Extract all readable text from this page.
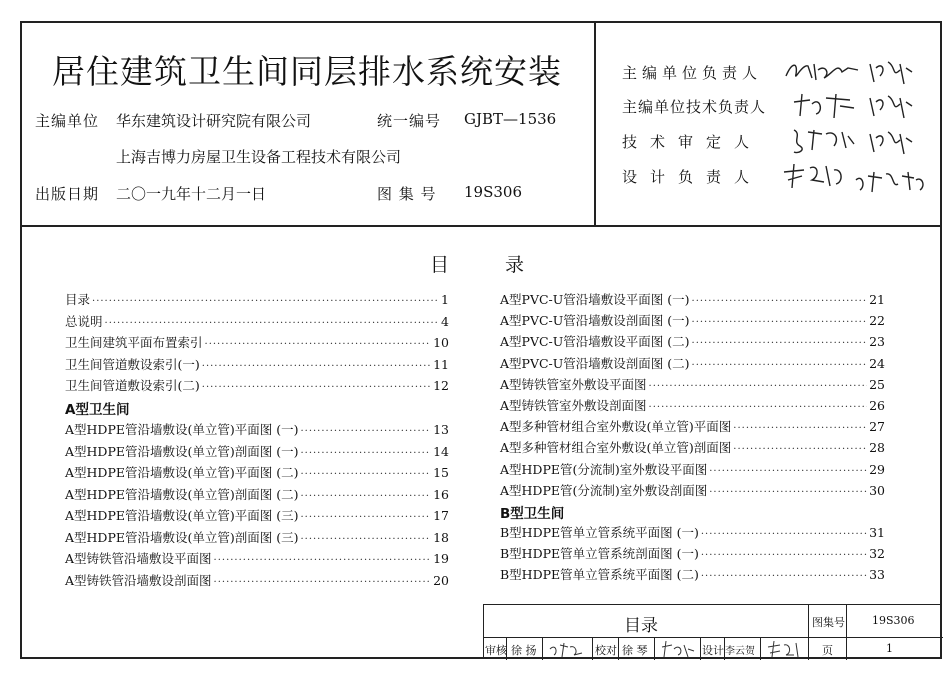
居住建筑卫生间同层排水系统安装
主编单位 华东建筑设计研究院有限公司	统一编号 GJBT—1536
上海吉博力房屋卫生设备工程技术有限公司
出版日期 二〇一九年十二月一日	图 集 号 19S306
主编单位负责人
主编单位技术负责人
技术审定人
设计负责人
目	录
目录 ·····	1
总说明 ·····	4
卫生间建筑平面布置索引 ·····	10
卫生间管道敷设索引(一) ·····	11
卫生间管道敷设索引(二) ·····	12
A型HDPE管沿墙敷设(单立管)平面图 (一) ·····	13
A型HDPE管沿墙敷设(单立管)剖面图 (一) ·····	14
A型HDPE管沿墙敷设(单立管)平面图 (二) ·····	15
A型HDPE管沿墙敷设(单立管)剖面图 (二) ·····	16
A型HDPE管沿墙敷设(单立管)平面图 (三) ·····	17
A型HDPE管沿墙敷设(单立管)剖面图 (三) ·····	18
A型铸铁管沿墙敷设平面图 ·····	19
A型铸铁管沿墙敷设剖面图 ·····	20
A型卫生间
A型PVC-U管沿墙敷设平面图 (一) ·····	21
A型PVC-U管沿墙敷设剖面图 (一) ·····	22
A型PVC-U管沿墙敷设平面图 (二) ·····	23
A型PVC-U管沿墙敷设剖面图 (二) ·····	24
A型铸铁管室外敷设平面图 ·····	25
A型铸铁管室外敷设剖面图 ·····	26
A型多种管材组合室外敷设(单立管)平面图 ·····	27
A型多种管材组合室外敷设(单立管)剖面图 ·····	28
A型HDPE管(分流制)室外敷设平面图 ·····	29
A型HDPE管(分流制)室外敷设剖面图 ·····	30
B型HDPE管单立管系统平面图 (一) ·····	31
B型HDPE管单立管系统剖面图 (一) ·····	32
B型HDPE管单立管系统平面图 (二) ·····	33
B型卫生间
目录	图集号 19S306
审核 徐 扬	校对 徐 琴	设计 李云贺	页	1
